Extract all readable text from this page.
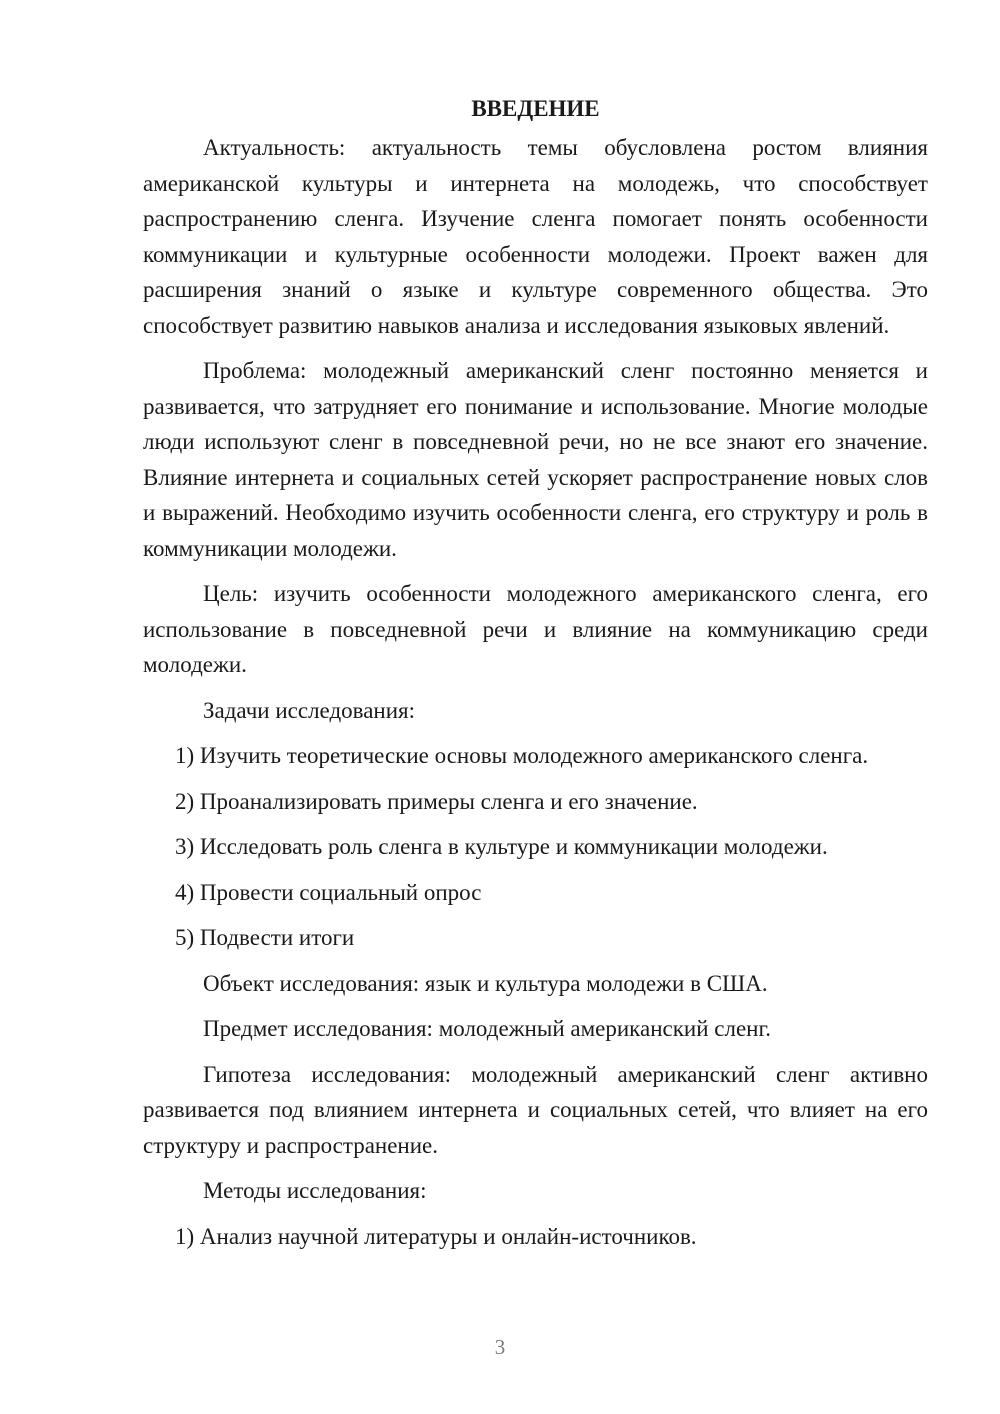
ВВЕДЕНИЕ

Актуальность: актуальность темы обусловлена ростом влияния американской культуры и интернета на молодежь, что способствует распространению сленга. Изучение сленга помогает понять особенности коммуникации и культурные особенности молодежи. Проект важен для расширения знаний о языке и культуре современного общества. Это способствует развитию навыков анализа и исследования языковых явлений.

Проблема: молодежный американский сленг постоянно меняется и развивается, что затрудняет его понимание и использование. Многие молодые люди используют сленг в повседневной речи, но не все знают его значение. Влияние интернета и социальных сетей ускоряет распространение новых слов и выражений. Необходимо изучить особенности сленга, его структуру и роль в коммуникации молодежи.

Цель: изучить особенности молодежного американского сленга, его использование в повседневной речи и влияние на коммуникацию среди молодежи.

Задачи исследования:
1) Изучить теоретические основы молодежного американского сленга.
2) Проанализировать примеры сленга и его значение.
3) Исследовать роль сленга в культуре и коммуникации молодежи.
4) Провести социальный опрос
5) Подвести итоги
Объект исследования: язык и культура молодежи в США.
Предмет исследования: молодежный американский сленг.

Гипотеза исследования: молодежный американский сленг активно развивается под влиянием интернета и социальных сетей, что влияет на его структуру и распространение.

Методы исследования:
1) Анализ научной литературы и онлайн-источников.
3
